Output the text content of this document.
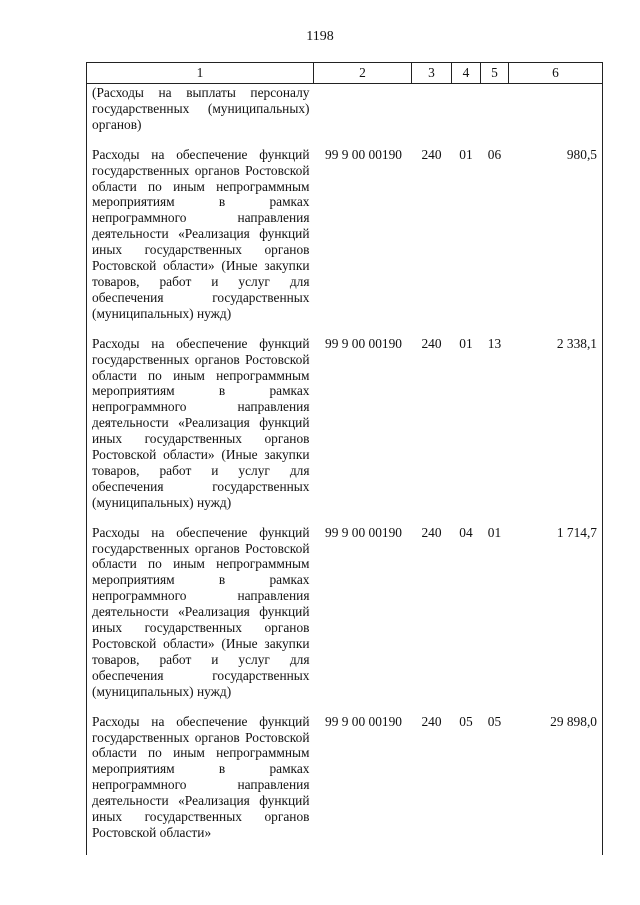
1198
1	2	3	4	5	6
(Расходы на выплаты персоналу государственных (муниципальных) органов)					
Расходы на обеспечение функций государственных органов Ростовской области по иным непрограммным мероприятиям в рамках непрограммного направления деятельности «Реализация функций иных государственных органов Ростовской области» (Иные закупки товаров, работ и услуг для обеспечения государственных (муниципальных) нужд)	99 9 00 00190	240	01	06	980,5
Расходы на обеспечение функций государственных органов Ростовской области по иным непрограммным мероприятиям в рамках непрограммного направления деятельности «Реализация функций иных государственных органов Ростовской области» (Иные закупки товаров, работ и услуг для обеспечения государственных (муниципальных) нужд)	99 9 00 00190	240	01	13	2 338,1
Расходы на обеспечение функций государственных органов Ростовской области по иным непрограммным мероприятиям в рамках непрограммного направления деятельности «Реализация функций иных государственных органов Ростовской области» (Иные закупки товаров, работ и услуг для обеспечения государственных (муниципальных) нужд)	99 9 00 00190	240	04	01	1 714,7
Расходы на обеспечение функций государственных органов Ростовской области по иным непрограммным мероприятиям в рамках непрограммного направления деятельности «Реализация функций иных государственных органов Ростовской области»	99 9 00 00190	240	05	05	29 898,0
